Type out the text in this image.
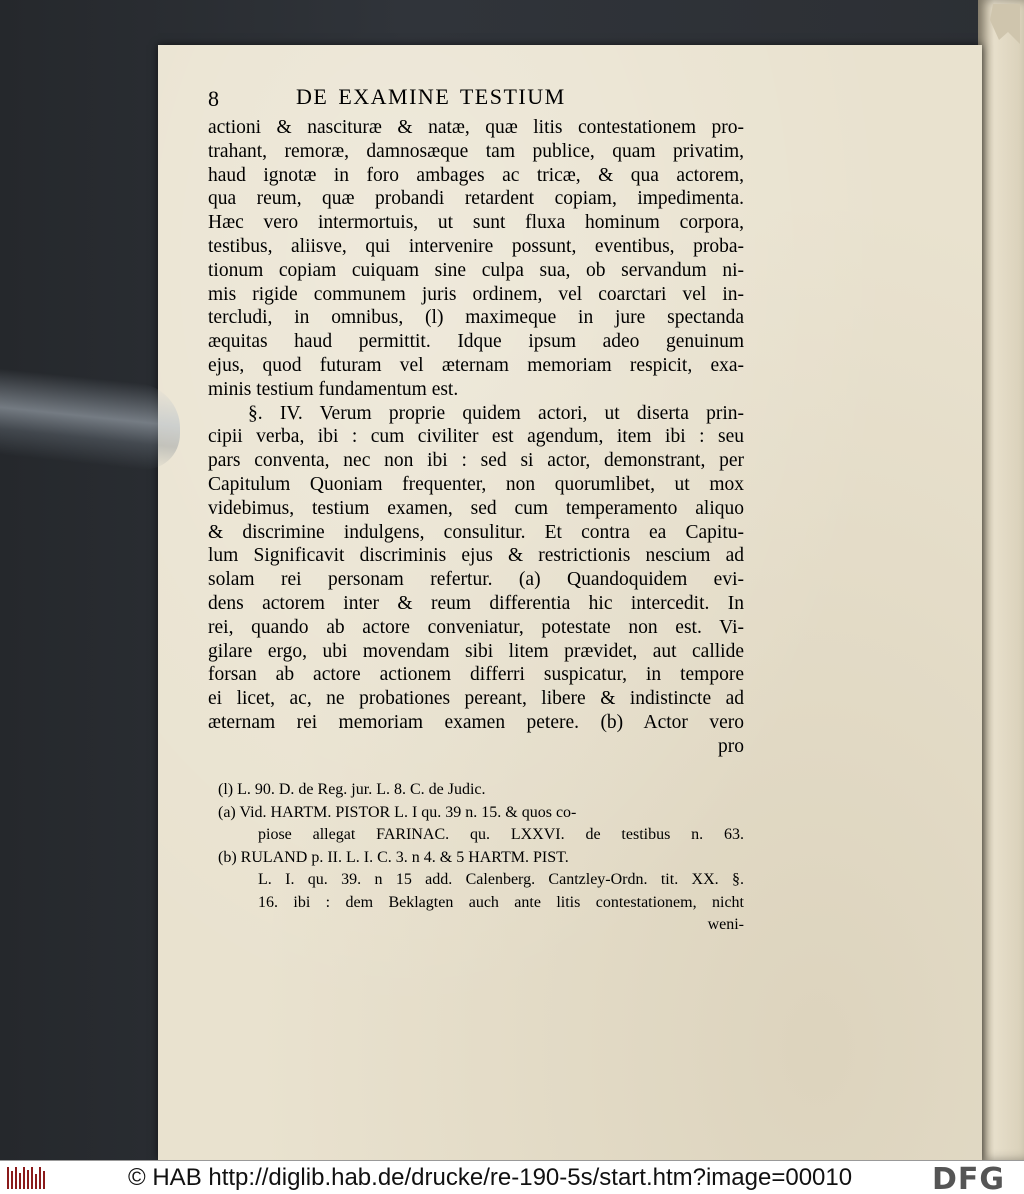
8	DE EXAMINE TESTIUM
actioni & nascituræ & natæ, quæ litis contestationem pro-
trahant, remoræ, damnosæque tam publice, quam privatim,
haud ignotæ in foro ambages ac tricæ, & qua actorem,
qua reum, quæ probandi retardent copiam, impedimenta.
Hæc vero intermortuis, ut sunt fluxa hominum corpora,
testibus, aliisve, qui intervenire possunt, eventibus, proba-
tionum copiam cuiquam sine culpa sua, ob servandum ni-
mis rigide communem juris ordinem, vel coarctari vel in-
tercludi, in omnibus, (l) maximeque in jure spectanda
æquitas haud permittit. Idque ipsum adeo genuinum
ejus, quod futuram vel æternam memoriam respicit, exa-
minis testium fundamentum est.
§. IV. Verum proprie quidem actori, ut diserta prin-
cipii verba, ibi : cum civiliter est agendum, item ibi : seu
pars conventa, nec non ibi : sed si actor, demonstrant, per
Capitulum Quoniam frequenter, non quorumlibet, ut mox
videbimus, testium examen, sed cum temperamento aliquo
& discrimine indulgens, consulitur. Et contra ea Capitu-
lum Significavit discriminis ejus & restrictionis nescium ad
solam rei personam refertur. (a) Quandoquidem evi-
dens actorem inter & reum differentia hic intercedit. In
rei, quando ab actore conveniatur, potestate non est. Vi-
gilare ergo, ubi movendam sibi litem prævidet, aut callide
forsan ab actore actionem differri suspicatur, in tempore
ei licet, ac, ne probationes pereant, libere & indistincte ad
æternam rei memoriam examen petere. (b) Actor vero
pro
(l) L. 90. D. de Reg. jur. L. 8. C. de Judic.
(a) Vid. HARTM. PISTOR L. I qu. 39 n. 15. & quos co-
piose allegat FARINAC. qu. LXXVI. de testibus n. 63.
(b) RULAND p. II. L. I. C. 3. n 4. & 5 HARTM. PIST.
L. I. qu. 39. n 15 add. Calenberg. Cantzley-Ordn. tit. XX. §.
16. ibi : dem Beklagten auch ante litis contestationem, nicht
weni-
© HAB http://diglib.hab.de/drucke/re-190-5s/start.htm?image=00010	DFG
